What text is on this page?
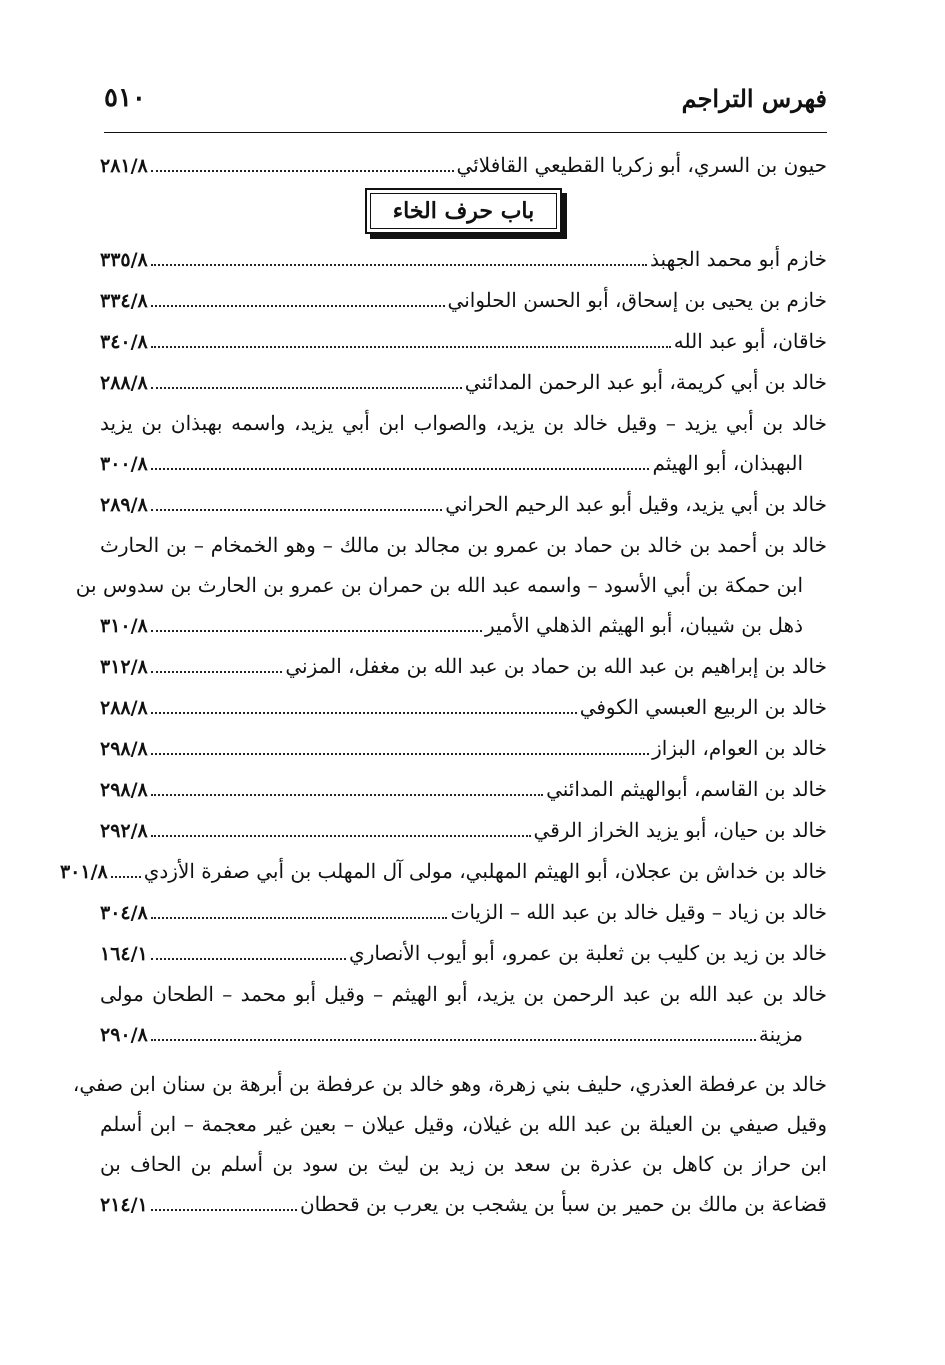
٥١٠	فهرس التراجم
حيون بن السري، أبو زكريا القطيعي القافلائي
٢٨١/٨
باب حرف الخاء
خازم أبو محمد الجهبذ
٣٣٥/٨
خازم بن يحيى بن إسحاق، أبو الحسن الحلواني
٣٣٤/٨
خاقان، أبو عبد الله
٣٤٠/٨
خالد بن أبي كريمة، أبو عبد الرحمن المدائني
٢٨٨/٨
خالد بن أبي يزيد – وقيل خالد بن يزيد، والصواب ابن أبي يزيد، واسمه بهبذان بن يزيد
البهبذان، أبو الهيثم
٣٠٠/٨
خالد بن أبي يزيد، وقيل أبو عبد الرحيم الحراني
٢٨٩/٨
خالد بن أحمد بن خالد بن حماد بن عمرو بن مجالد بن مالك – وهو الخمخام – بن الحارث
ابن حمكة بن أبي الأسود – واسمه عبد الله بن حمران بن عمرو بن الحارث بن سدوس بن
ذهل بن شيبان، أبو الهيثم الذهلي الأمير
٣١٠/٨
خالد بن إبراهيم بن عبد الله بن حماد بن عبد الله بن مغفل، المزني
٣١٢/٨
خالد بن الربيع العبسي الكوفي
٢٨٨/٨
خالد بن العوام، البزاز
٢٩٨/٨
خالد بن القاسم، أبوالهيثم المدائني
٢٩٨/٨
خالد بن حيان، أبو يزيد الخراز الرقي
٢٩٢/٨
خالد بن خداش بن عجلان، أبو الهيثم المهلبي، مولى آل المهلب بن أبي صفرة الأزدي
٣٠١/٨
خالد بن زياد – وقيل خالد بن عبد الله – الزيات
٣٠٤/٨
خالد بن زيد بن كليب بن ثعلبة بن عمرو، أبو أيوب الأنصاري
١٦٤/١
خالد بن عبد الله بن عبد الرحمن بن يزيد، أبو الهيثم – وقيل أبو محمد – الطحان مولى
مزينة
٢٩٠/٨
خالد بن عرفطة العذري، حليف بني زهرة، وهو خالد بن عرفطة بن أبرهة بن سنان ابن صفي،
وقيل صيفي بن العيلة بن عبد الله بن غيلان، وقيل عيلان – بعين غير معجمة – ابن أسلم
ابن حراز بن كاهل بن عذرة بن سعد بن زيد بن ليث بن سود بن أسلم بن الحاف بن
قضاعة بن مالك بن حمير بن سبأ بن يشجب بن يعرب بن قحطان
٢١٤/١
